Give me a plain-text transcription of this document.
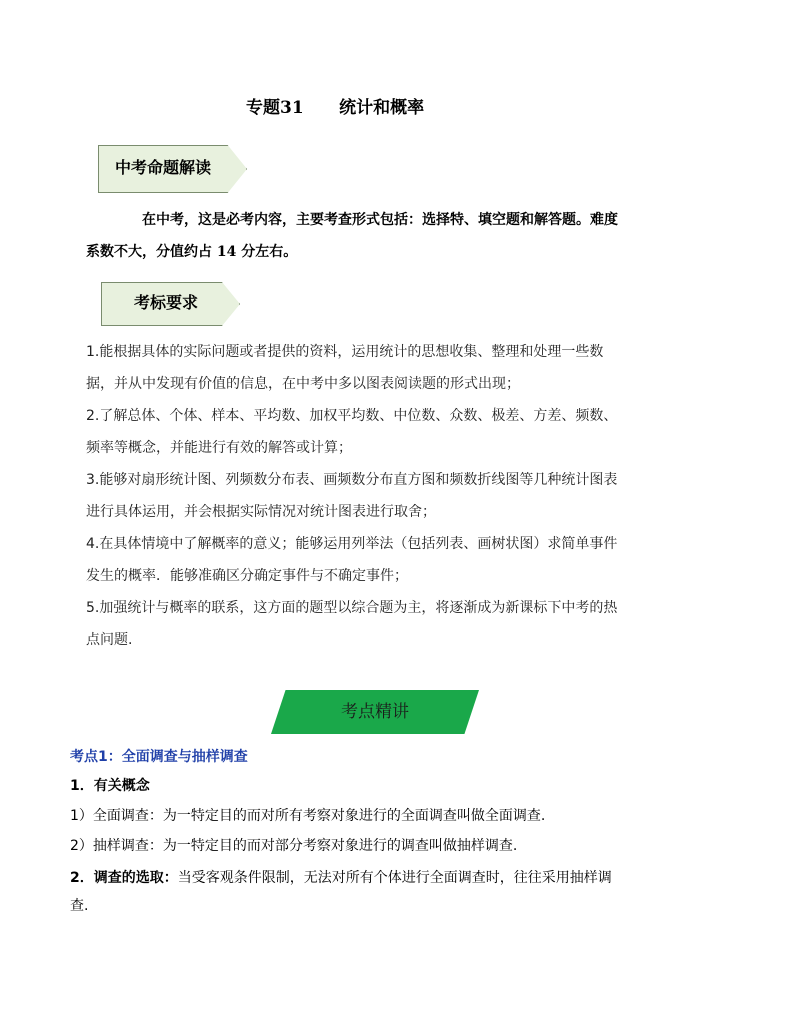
专题31      统计和概率
中考命题解读
在中考，这是必考内容，主要考查形式包括：选择特、填空题和解答题。难度
系数不大，分值约占 14 分左右。
考标要求
1.能根据具体的实际问题或者提供的资料，运用统计的思想收集、整理和处理一些数
据，并从中发现有价值的信息，在中考中多以图表阅读题的形式出现；
2.了解总体、个体、样本、平均数、加权平均数、中位数、众数、极差、方差、频数、
频率等概念，并能进行有效的解答或计算；
3.能够对扇形统计图、列频数分布表、画频数分布直方图和频数折线图等几种统计图表
进行具体运用，并会根据实际情况对统计图表进行取舍；
4.在具体情境中了解概率的意义；能够运用列举法（包括列表、画树状图）求简单事件
发生的概率．能够准确区分确定事件与不确定事件；
5.加强统计与概率的联系，这方面的题型以综合题为主，将逐渐成为新课标下中考的热
点问题.
考点精讲
考点1：全面调查与抽样调查
1．有关概念
1）全面调查：为一特定目的而对所有考察对象进行的全面调查叫做全面调查.
2）抽样调查：为一特定目的而对部分考察对象进行的调查叫做抽样调查.
2．调查的选取：当受客观条件限制，无法对所有个体进行全面调查时，往往采用抽样调
查.
